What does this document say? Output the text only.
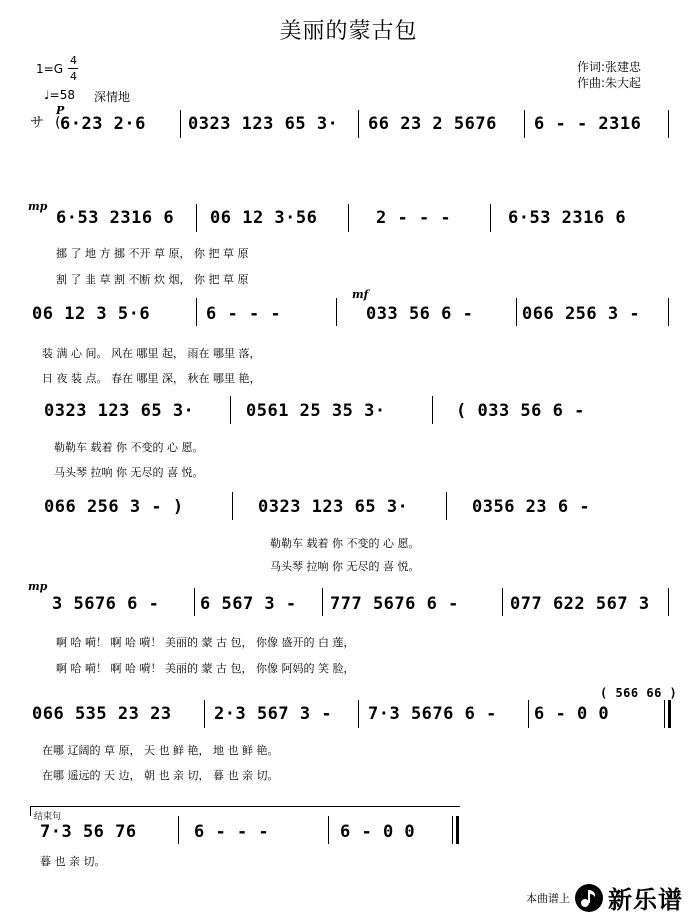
美丽的蒙古包
1=G
4
4
♩=58 深情地
作词:张建忠
作曲:朱大起
P
サ (
6·23 2·6 0323 123 65 3· 66 23 2 5676 6 - - 2316
mp
6·53 2316 6 06 12 3·56	2 - - -	6·53 2316 6
挪 了 地 方 挪 不开 草 原， 你 把 草 原
割 了 韭 草 割 不断 炊 烟， 你 把 草 原
mf
06 12 3 5·6	6 - - -	033 56 6 -	066 256 3 -
装 满 心 间。 风在 哪里 起， 雨在 哪里 落，
日 夜 装 点。 春在 哪里 深， 秋在 哪里 艳，
0323 123 65 3·	0561 25 35 3·	( 033 56 6 -
勒勒车 载着 你 不变的 心 愿。
马头琴 拉响 你 无尽的 喜 悦。
066 256 3 - )	0323 123 65 3·	0356 23 6 -
勒勒车 载着 你 不变的 心 愿。
马头琴 拉响 你 无尽的 喜 悦。
mp
3 5676 6 - 6 567 3 - 777 5676 6 -	077 622 567 3
啊 哈 嗬！ 啊 哈 嗬！ 美丽的 蒙 古 包， 你像 盛开的 白 莲，
啊 哈 嗬！ 啊 哈 嗬！ 美丽的 蒙 古 包， 你像 阿妈的 笑 脸，
( 566 66 )
066 535 23 23 2·3 567 3 - 7·3 5676 6 - 6 - 0 0
在哪 辽阔的 草 原， 天 也 鲜 艳， 地 也 鲜 艳。
在哪 遥远的 天 边， 朝 也 亲 切， 暮 也 亲 切。
结束句
7·3 56 76	6 - - -	6 - 0 0
暮 也 亲 切。
本曲谱上 新乐谱
